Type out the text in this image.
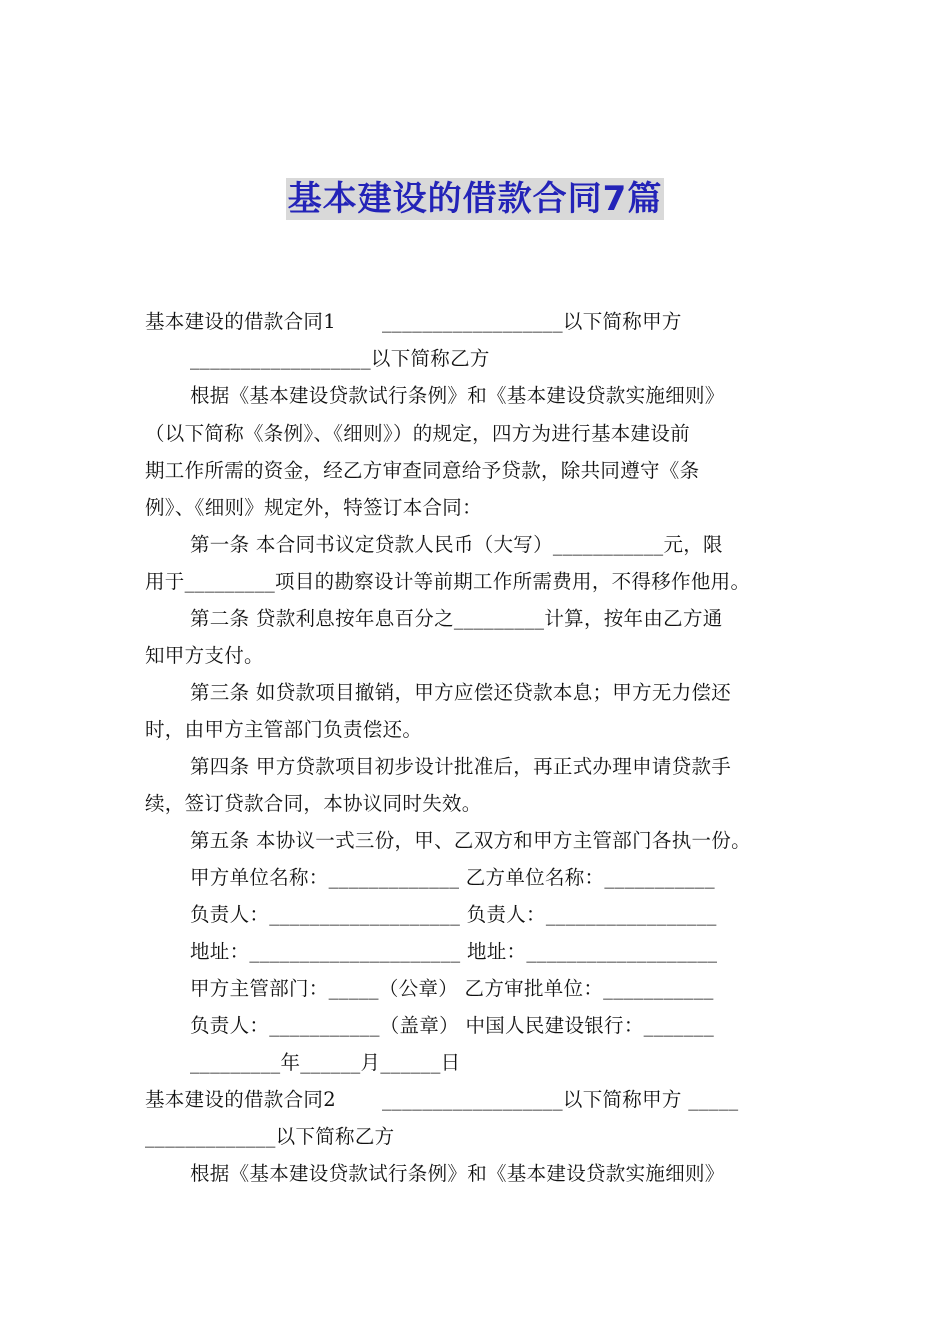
基本建设的借款合同7篇
基本建设的借款合同1　　 __________________以下简称甲方
__________________以下简称乙方
根据《基本建设贷款试行条例》和《基本建设贷款实施细则》
（以下简称《条例》、《细则》）的规定，四方为进行基本建设前
期工作所需的资金，经乙方审查同意给予贷款，除共同遵守《条
例》、《细则》规定外，特签订本合同：
第一条 本合同书议定贷款人民币（大写）___________元，限
用于_________项目的勘察设计等前期工作所需费用，不得移作他用。
第二条 贷款利息按年息百分之_________计算，按年由乙方通
知甲方支付。
第三条 如贷款项目撤销，甲方应偿还贷款本息；甲方无力偿还
时，由甲方主管部门负责偿还。
第四条 甲方贷款项目初步设计批准后，再正式办理申请贷款手
续，签订贷款合同，本协议同时失效。
第五条 本协议一式三份，甲、乙双方和甲方主管部门各执一份。
甲方单位名称：_____________ 乙方单位名称：___________
负责人：___________________ 负责人：_________________
地址：_____________________ 地址：___________________
甲方主管部门：_____（公章） 乙方审批单位：___________
负责人：___________（盖章） 中国人民建设银行：_______
_________年______月______日
基本建设的借款合同2　　 __________________以下简称甲方 _____
_____________以下简称乙方
根据《基本建设贷款试行条例》和《基本建设贷款实施细则》
